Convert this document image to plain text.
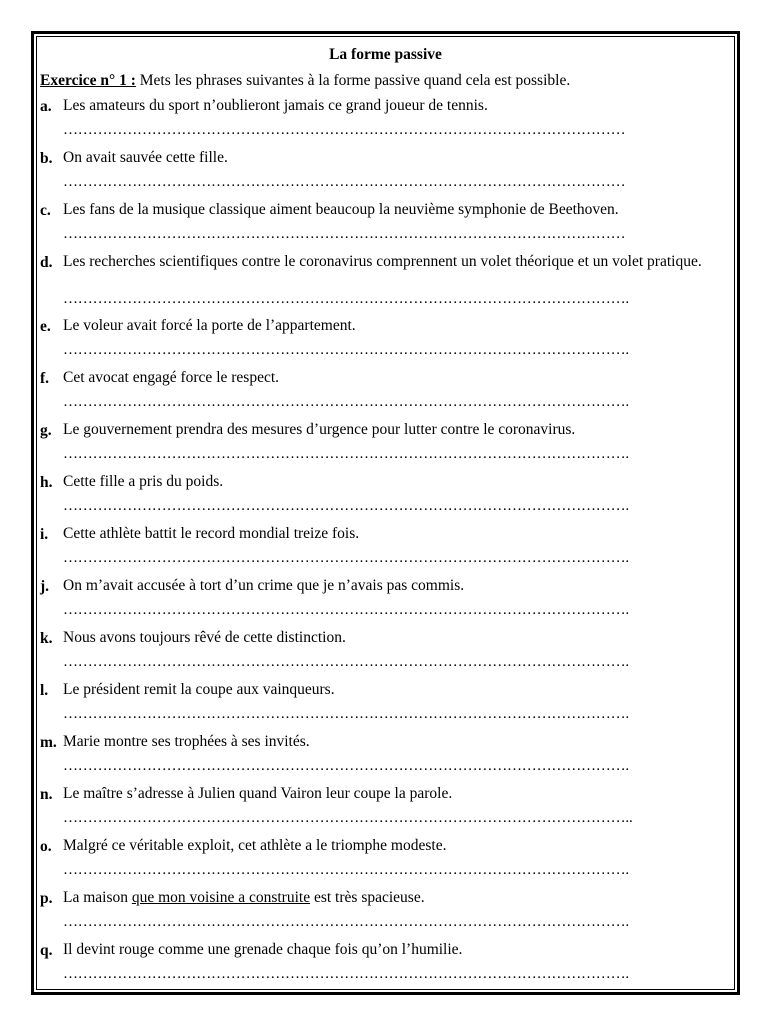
La forme passive
Exercice n° 1 : Mets les phrases suivantes à la forme passive quand cela est possible.
a. Les amateurs du sport n’oublieront jamais ce grand joueur de tennis.
……………………………………………………………………………………………………
b. On avait sauvée cette fille.
……………………………………………………………………………………………………
c. Les fans de la musique classique aiment beaucoup la neuvième symphonie de Beethoven.
……………………………………………………………………………………………………
d. Les recherches scientifiques contre le coronavirus comprennent un volet théorique et un volet pratique.
…………………………………………………………………………………………………….
e. Le voleur avait forcé la porte de l’appartement.
…………………………………………………………………………………………………….
f. Cet avocat engagé force le respect.
…………………………………………………………………………………………………….
g. Le gouvernement prendra des mesures d’urgence pour lutter contre le coronavirus.
…………………………………………………………………………………………………….
h. Cette fille a pris du poids.
…………………………………………………………………………………………………….
i. Cette athlète battit le record mondial treize fois.
…………………………………………………………………………………………………….
j. On m’avait accusée à tort d’un crime que je n’avais pas commis.
…………………………………………………………………………………………………….
k. Nous avons toujours rêvé de cette distinction.
…………………………………………………………………………………………………….
l. Le président remit la coupe aux vainqueurs.
…………………………………………………………………………………………………….
m. Marie montre ses trophées à ses invités.
…………………………………………………………………………………………………….
n. Le maître s’adresse à Julien quand Vairon leur coupe la parole.
……………………………………………………………………………………………………..
o. Malgré ce véritable exploit, cet athlète a le triomphe modeste.
…………………………………………………………………………………………………….
p. La maison que mon voisine a construite est très spacieuse.
…………………………………………………………………………………………………….
q. Il devint rouge comme une grenade chaque fois qu’on l’humilie.
…………………………………………………………………………………………………….
